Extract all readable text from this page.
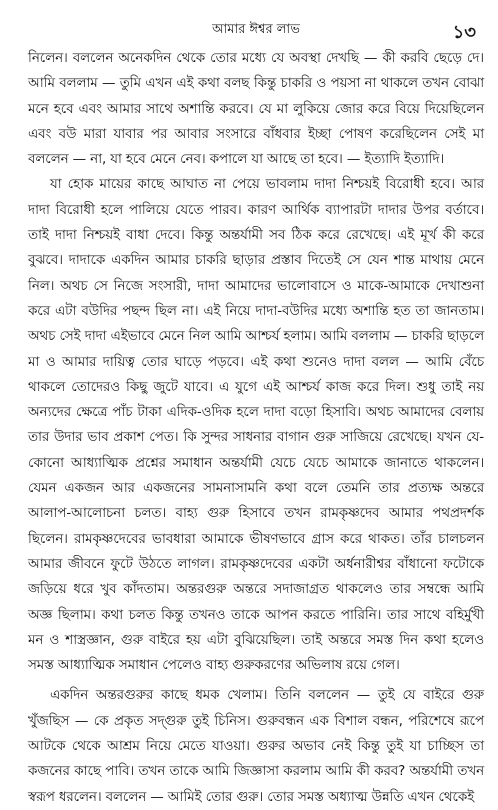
আমার ঈশ্বর লাভ	১৩

নিলেন। বললেন অনেকদিন থেকে তোর মধ্যে যে অবস্থা দেখছি — কী করবি ছেড়ে দে। আমি বললাম — তুমি এখন এই কথা বলছ কিন্তু চাকরি ও পয়সা না থাকলে তখন বোঝা মনে হবে এবং আমার সাথে অশান্তি করবে। যে মা লুকিয়ে জোর করে বিয়ে দিয়েছিলেন এবং বউ মারা যাবার পর আবার সংসারে বাঁধবার ইচ্ছা পোষণ করেছিলেন সেই মা বললেন — না, যা হবে মেনে নেব। কপালে যা আছে তা হবে। — ইত্যাদি ইত্যাদি।

যা হোক মায়ের কাছে আঘাত না পেয়ে ভাবলাম দাদা নিশ্চয়ই বিরোধী হবে। আর দাদা বিরোধী হলে পালিয়ে যেতে পারব। কারণ আর্থিক ব্যাপারটা দাদার উপর বর্তাবে। তাই দাদা নিশ্চয়ই বাধা দেবে। কিন্তু অন্তর্যামী সব ঠিক করে রেখেছে। এই মূর্খ কী করে বুঝবে। দাদাকে একদিন আমার চাকরি ছাড়ার প্রস্তাব দিতেই সে যেন শান্ত মাথায় মেনে নিল। অথচ সে নিজে সংসারী, দাদা আমাদের ভালোবাসে ও মাকে-আমাকে দেখাশুনা করে এটা বউদির পছন্দ ছিল না। এই নিয়ে দাদা-বউদির মধ্যে অশান্তি হত তা জানতাম। অথচ সেই দাদা এইভাবে মেনে নিল আমি আশ্চর্য হলাম। আমি বললাম — চাকরি ছাড়লে মা ও আমার দায়িত্ব তোর ঘাড়ে পড়বে। এই কথা শুনেও দাদা বলল — আমি বেঁচে থাকলে তোদেরও কিছু জুটে যাবে। এ যুগে এই আশ্চর্য কাজ করে দিল। শুধু তাই নয় অন্যদের ক্ষেত্রে পাঁচ টাকা এদিক-ওদিক হলে দাদা বড়ো হিসাবি। অথচ আমাদের বেলায় তার উদার ভাব প্রকাশ পেত। কি সুন্দর সাধনার বাগান গুরু সাজিয়ে রেখেছে। যখন যে-কোনো আধ্যাত্মিক প্রশ্নের সমাধান অন্তর্যামী যেচে যেচে আমাকে জানাতে থাকলেন। যেমন একজন আর একজনের সামনাসামনি কথা বলে তেমনি তার প্রত্যক্ষ অন্তরে আলাপ-আলোচনা চলত। বাহ্য গুরু হিসাবে তখন রামকৃষ্ণদেব আমার পথপ্রদর্শক ছিলেন। রামকৃষ্ণদেবের ভাবধারা আমাকে ভীষণভাবে গ্রাস করে থাকত। তাঁর চালচলন আমার জীবনে ফুটে উঠতে লাগল। রামকৃষ্ণদেবের একটা অর্ধনারীশ্বর বাঁধানো ফটোকে জড়িয়ে ধরে খুব কাঁদতাম। অন্তরগুরু অন্তরে সদাজাগ্রত থাকলেও তার সম্বন্ধে আমি অজ্ঞ ছিলাম। কথা চলত কিন্তু তখনও তাকে আপন করতে পারিনি। তার সাথে বহির্মুখী মন ও শাস্ত্রজ্ঞান, গুরু বাইরে হয় এটা বুঝিয়েছিল। তাই অন্তরে সমস্ত দিন কথা হলেও সমস্ত আধ্যাত্মিক সমাধান পেলেও বাহ্য গুরুকরণের অভিলাষ রয়ে গেল।

একদিন অন্তরগুরুর কাছে ধমক খেলাম। তিনি বললেন — তুই যে বাইরে গুরু খুঁজছিস — কে প্রকৃত সদ্‌গুরু তুই চিনিস। গুরুবন্ধন এক বিশাল বন্ধন, পরিশেষে রূপে আটকে থেকে আশ্রম নিয়ে মেতে যাওয়া। গুরুর অভাব নেই কিন্তু তুই যা চাচ্ছিস তা কজনের কাছে পাবি। তখন তাকে আমি জিজ্ঞাসা করলাম আমি কী করব? অন্তর্যামী তখন স্বরূপ ধরলেন। বললেন — আমিই তোর গুরু। তোর সমস্ত অধ্যাত্ম উন্নতি এখন থেকেই
